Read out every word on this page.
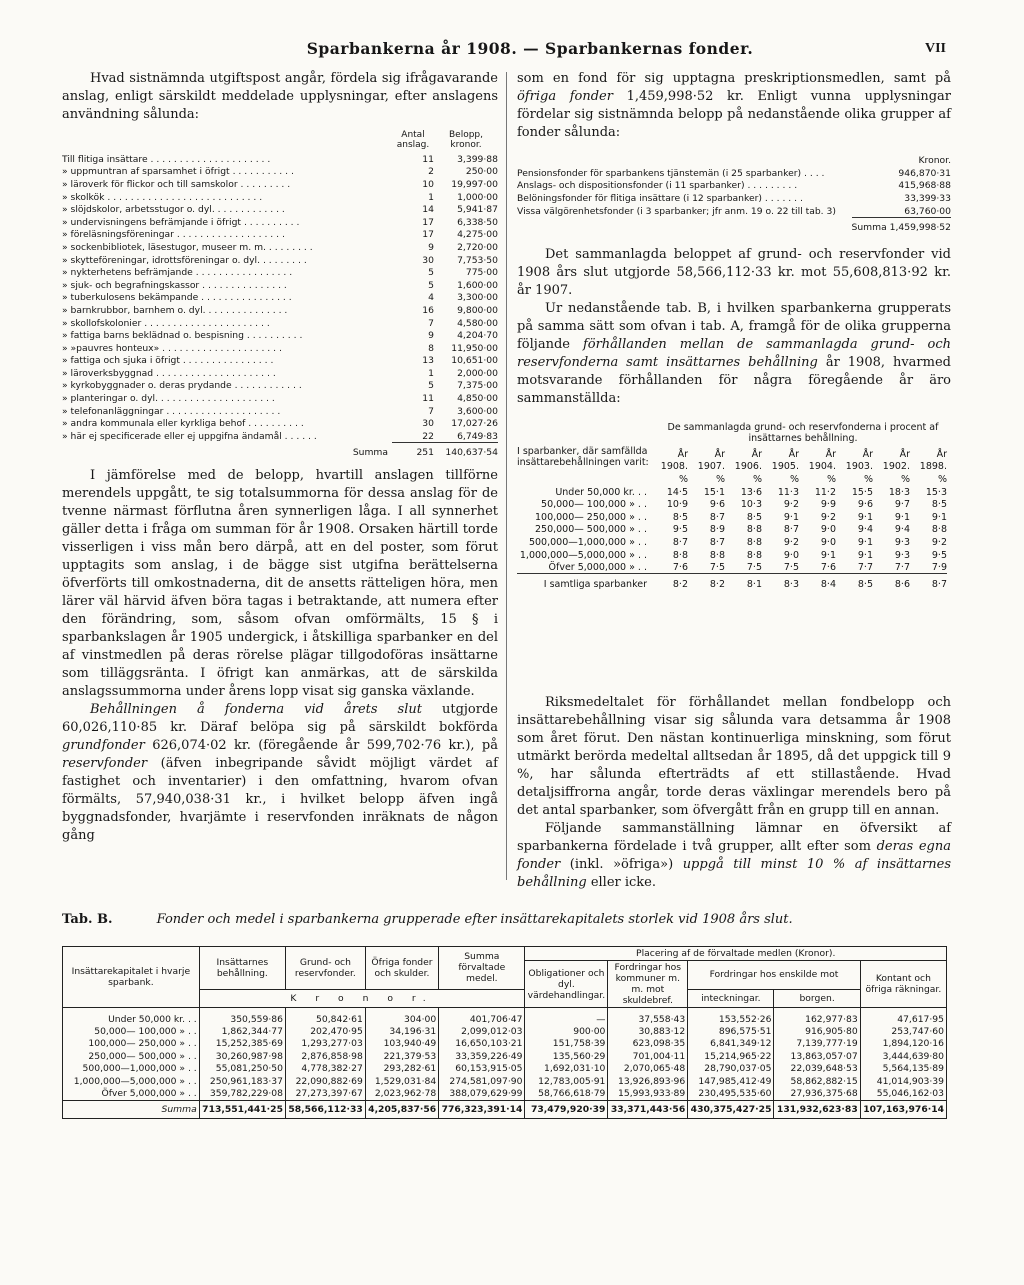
Sparbankerna år 1908. — Sparbankernas fonder.	VII

Hvad sistnämnda utgiftspost angår, fördela sig ifrågavarande anslag, enligt särskildt meddelade upplysningar, efter anslagens användning sålunda:

	Antal anslag.	Belopp, kronor.
Till flitiga insättare . . . . . . . . . . . . . . . . . . . . .	11	3,399·88
» uppmuntran af sparsamhet i öfrigt . . . . . . . . . . .	2	250·00
» läroverk för flickor och till samskolor . . . . . . . . .	10	19,997·00
» skolkök . . . . . . . . . . . . . . . . . . . . . . . . . . .	1	1,000·00
» slöjdskolor, arbetsstugor o. dyl. . . . . . . . . . . . .	14	5,941·87
» undervisningens befrämjande i öfrigt . . . . . . . . . .	17	6,338·50
» föreläsningsföreningar . . . . . . . . . . . . . . . . . . .	17	4,275·00
» sockenbibliotek, läsestugor, museer m. m. . . . . . . . .	9	2,720·00
» skytteföreningar, idrottsföreningar o. dyl. . . . . . . . .	30	7,753·50
» nykterhetens befrämjande . . . . . . . . . . . . . . . . .	5	775·00
» sjuk- och begrafningskassor . . . . . . . . . . . . . . .	5	1,600·00
» tuberkulosens bekämpande . . . . . . . . . . . . . . . .	4	3,300·00
» barnkrubbor, barnhem o. dyl. . . . . . . . . . . . . . .	16	9,800·00
» skollofskolonier . . . . . . . . . . . . . . . . . . . . . .	7	4,580·00
» fattiga barns beklädnad o. bespisning . . . . . . . . . .	9	4,204·70
» »pauvres honteux» . . . . . . . . . . . . . . . . . . . . .	8	11,950·00
» fattiga och sjuka i öfrigt . . . . . . . . . . . . . . . .	13	10,651·00
» läroverksbyggnad . . . . . . . . . . . . . . . . . . . . .	1	2,000·00
» kyrkobyggnader o. deras prydande . . . . . . . . . . . .	5	7,375·00
» planteringar o. dyl. . . . . . . . . . . . . . . . . . . . .	11	4,850·00
» telefonanläggningar . . . . . . . . . . . . . . . . . . . .	7	3,600·00
» andra kommunala eller kyrkliga behof . . . . . . . . . .	30	17,027·26
» här ej specificerade eller ej uppgifna ändamål . . . . . .	22	6,749·83
Summa	251	140,637·54

I jämförelse med de belopp, hvartill anslagen tillförne merendels uppgått, te sig totalsummorna för dessa anslag för de tvenne närmast förflutna åren synnerligen låga. I all synnerhet gäller detta i fråga om summan för år 1908. Orsaken härtill torde visserligen i viss mån bero därpå, att en del poster, som förut upptagits som anslag, i de bägge sist utgifna berättelserna öfverförts till omkostnaderna, dit de ansetts rätteligen höra, men lärer väl härvid äfven böra tagas i betraktande, att numera efter den förändring, som, såsom ofvan omförmälts, 15 § i sparbankslagen år 1905 undergick, i åtskilliga sparbanker en del af vinstmedlen på deras rörelse plägar tillgodoföras insättarne som tilläggsränta. I öfrigt kan anmärkas, att de särskilda anslagssummorna under årens lopp visat sig ganska växlande.

Behållningen å fonderna vid årets slut utgjorde 60,026,110·85 kr. Däraf belöpa sig på särskildt bokförda grundfonder 626,074·02 kr. (föregående år 599,702·76 kr.), på reservfonder (äfven inbegripande såvidt möjligt värdet af fastighet och inventarier) i den omfattning, hvarom ofvan förmälts, 57,940,038·31 kr., i hvilket belopp äfven ingå byggnadsfonder, hvarjämte i reservfonden inräknats de någon gång

som en fond för sig upptagna preskriptionsmedlen, samt på öfriga fonder 1,459,998·52 kr. Enligt vunna upplysningar fördelar sig sistnämnda belopp på nedanstående olika grupper af fonder sålunda:

	Kronor.
Pensionsfonder för sparbankens tjänstemän (i 25 sparbanker) . . . .	946,870·31
Anslags- och dispositionsfonder (i 11 sparbanker) . . . . . . . . .	415,968·88
Belöningsfonder för flitiga insättare (i 12 sparbanker) . . . . . . .	33,399·33
Vissa välgörenhetsfonder (i 3 sparbanker; jfr anm. 19 o. 22 till tab. 3)	63,760·00
	Summa 1,459,998·52

Det sammanlagda beloppet af grund- och reservfonder vid 1908 års slut utgjorde 58,566,112·33 kr. mot 55,608,813·92 kr. år 1907.

Ur nedanstående tab. B, i hvilken sparbankerna grupperats på samma sätt som ofvan i tab. A, framgå för de olika grupperna följande förhållanden mellan de sammanlagda grund- och reservfonderna samt insättarnes behållning år 1908, hvarmed motsvarande förhållanden för några föregående år äro sammanställda:

De sammanlagda grund- och reservfonderna i procent af insättarnes behållning.
I sparbanker, där samfällda insättarebehållningen varit:
	År	År	År	År	År	År	År	År
	1908.	1907.	1906.	1905.	1904.	1903.	1902.	1898.
	%	%	%	%	%	%	%	%
Under 50,000 kr. . .	14·5	15·1	13·6	11·3	11·2	15·5	18·3	15·3
50,000— 100,000 » . .	10·9	9·6	10·3	9·2	9·9	9·6	9·7	8·5
100,000— 250,000 » . .	8·5	8·7	8·5	9·1	9·2	9·1	9·1	9·1
250,000— 500,000 » . .	9·5	8·9	8·8	8·7	9·0	9·4	9·4	8·8
500,000—1,000,000 » . .	8·7	8·7	8·8	9·2	9·0	9·1	9·3	9·2
1,000,000—5,000,000 » . .	8·8	8·8	8·8	9·0	9·1	9·1	9·3	9·5
Öfver 5,000,000 » . .	7·6	7·5	7·5	7·5	7·6	7·7	7·7	7·9
I samtliga sparbanker	8·2	8·2	8·1	8·3	8·4	8·5	8·6	8·7

Riksmedeltalet för förhållandet mellan fondbelopp och insättarebehållning visar sig sålunda vara detsamma år 1908 som året förut. Den nästan kontinuerliga minskning, som förut utmärkt berörda medeltal alltsedan år 1895, då det uppgick till 9 %, har sålunda efterträdts af ett stillastående. Hvad detaljsiffrorna angår, torde deras växlingar merendels bero på det antal sparbanker, som öfvergått från en grupp till en annan.

Följande sammanställning lämnar en öfversikt af sparbankerna fördelade i två grupper, allt efter som deras egna fonder (inkl. »öfriga») uppgå till minst 10 % af insättarnes behållning eller icke.

Tab. B.	Fonder och medel i sparbankerna grupperade efter insättarekapitalets storlek vid 1908 års slut.
Insättarekapitalet i hvarje sparbank.	Insättarnes behållning.	Grund- och reservfonder.	Öfriga fonder och skulder.	Summa förvaltade medel.	Placering af de förvaltade medlen (Kronor).				
					Obligationer och dyl. värdehandlingar.	Fordringar hos kommuner m. m. mot skuldebref.	Fordringar hos enskilde mot		Kontant och öfriga räkningar.
	K r o n o r.						inteckningar.	borgen.	
Under 50,000 kr. . .	350,559·86	50,842·61	304·00	401,706·47	—	37,558·43	153,552·26	162,977·83	47,617·95
50,000— 100,000 » . .	1,862,344·77	202,470·95	34,196·31	2,099,012·03	900·00	30,883·12	896,575·51	916,905·80	253,747·60
100,000— 250,000 » . .	15,252,385·69	1,293,277·03	103,940·49	16,650,103·21	151,758·39	623,098·35	6,841,349·12	7,139,777·19	1,894,120·16
250,000— 500,000 » . .	30,260,987·98	2,876,858·98	221,379·53	33,359,226·49	135,560·29	701,004·11	15,214,965·22	13,863,057·07	3,444,639·80
500,000—1,000,000 » . .	55,081,250·50	4,778,382·27	293,282·61	60,153,915·05	1,692,031·10	2,070,065·48	28,790,037·05	22,039,648·53	5,564,135·89
1,000,000—5,000,000 » . .	250,961,183·37	22,090,882·69	1,529,031·84	274,581,097·90	12,783,005·91	13,926,893·96	147,985,412·49	58,862,882·15	41,014,903·39
Öfver 5,000,000 » . .	359,782,229·08	27,273,397·67	2,023,962·78	388,079,629·99	58,766,618·79	15,993,933·89	230,495,535·60	27,936,375·68	55,046,162·03
Summa	713,551,441·25	58,566,112·33	4,205,837·56	776,323,391·14	73,479,920·39	33,371,443·56	430,375,427·25	131,932,623·83	107,163,976·14
